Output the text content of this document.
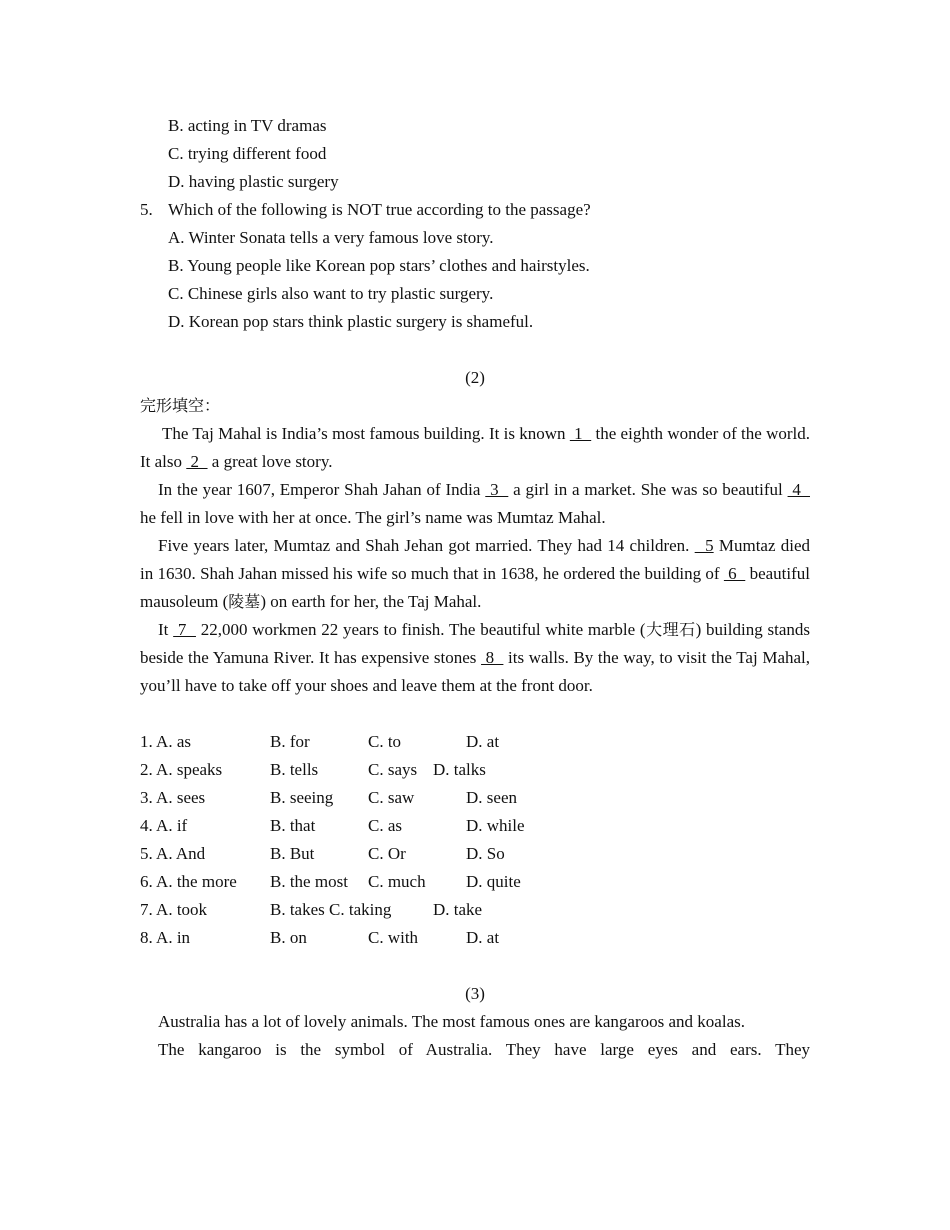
B. acting in TV dramas
C. trying different food
D. having plastic surgery
5. Which of the following is NOT true according to the passage?
A. Winter Sonata tells a very famous love story.
B. Young people like Korean pop stars’ clothes and hairstyles.
C. Chinese girls also want to try plastic surgery.
D. Korean pop stars think plastic surgery is shameful.
(2)
完形填空：
The Taj Mahal is India’s most famous building. It is known  1   the eighth wonder of the world. It also  2   a great love story.
In the year 1607, Emperor Shah Jahan of India  3   a girl in a market. She was so beautiful  4   he fell in love with her at once. The girl’s name was Mumtaz Mahal.
Five years later, Mumtaz and Shah Jehan got married. They had 14 children.   5 Mumtaz died in 1630. Shah Jahan missed his wife so much that in 1638, he ordered the building of  6   beautiful mausoleum (陵墓) on earth for her, the Taj Mahal.
It  7   22,000 workmen 22 years to finish. The beautiful white marble (大理石) building stands beside the Yamuna River. It has expensive stones  8   its walls. By the way, to visit the Taj Mahal, you’ll have to take off your shoes and leave them at the front door.
1. A. as	B. for	C. to	D. at
2. A. speaks	B. tells	C. says D. talks
3. A. sees	B. seeing C. saw	D. seen
4. A. if	B. that	C. as	D. while
5. A. And	B. But	C. Or	D. So
6. A. the more B. the most C. much D. quite
7. A. took	B. takes C. taking D. take
8. A. in	B. on	C. with	D. at
(3)
Australia has a lot of lovely animals. The most famous ones are kangaroos and koalas.
The kangaroo is the symbol of Australia. They have large eyes and ears. They
